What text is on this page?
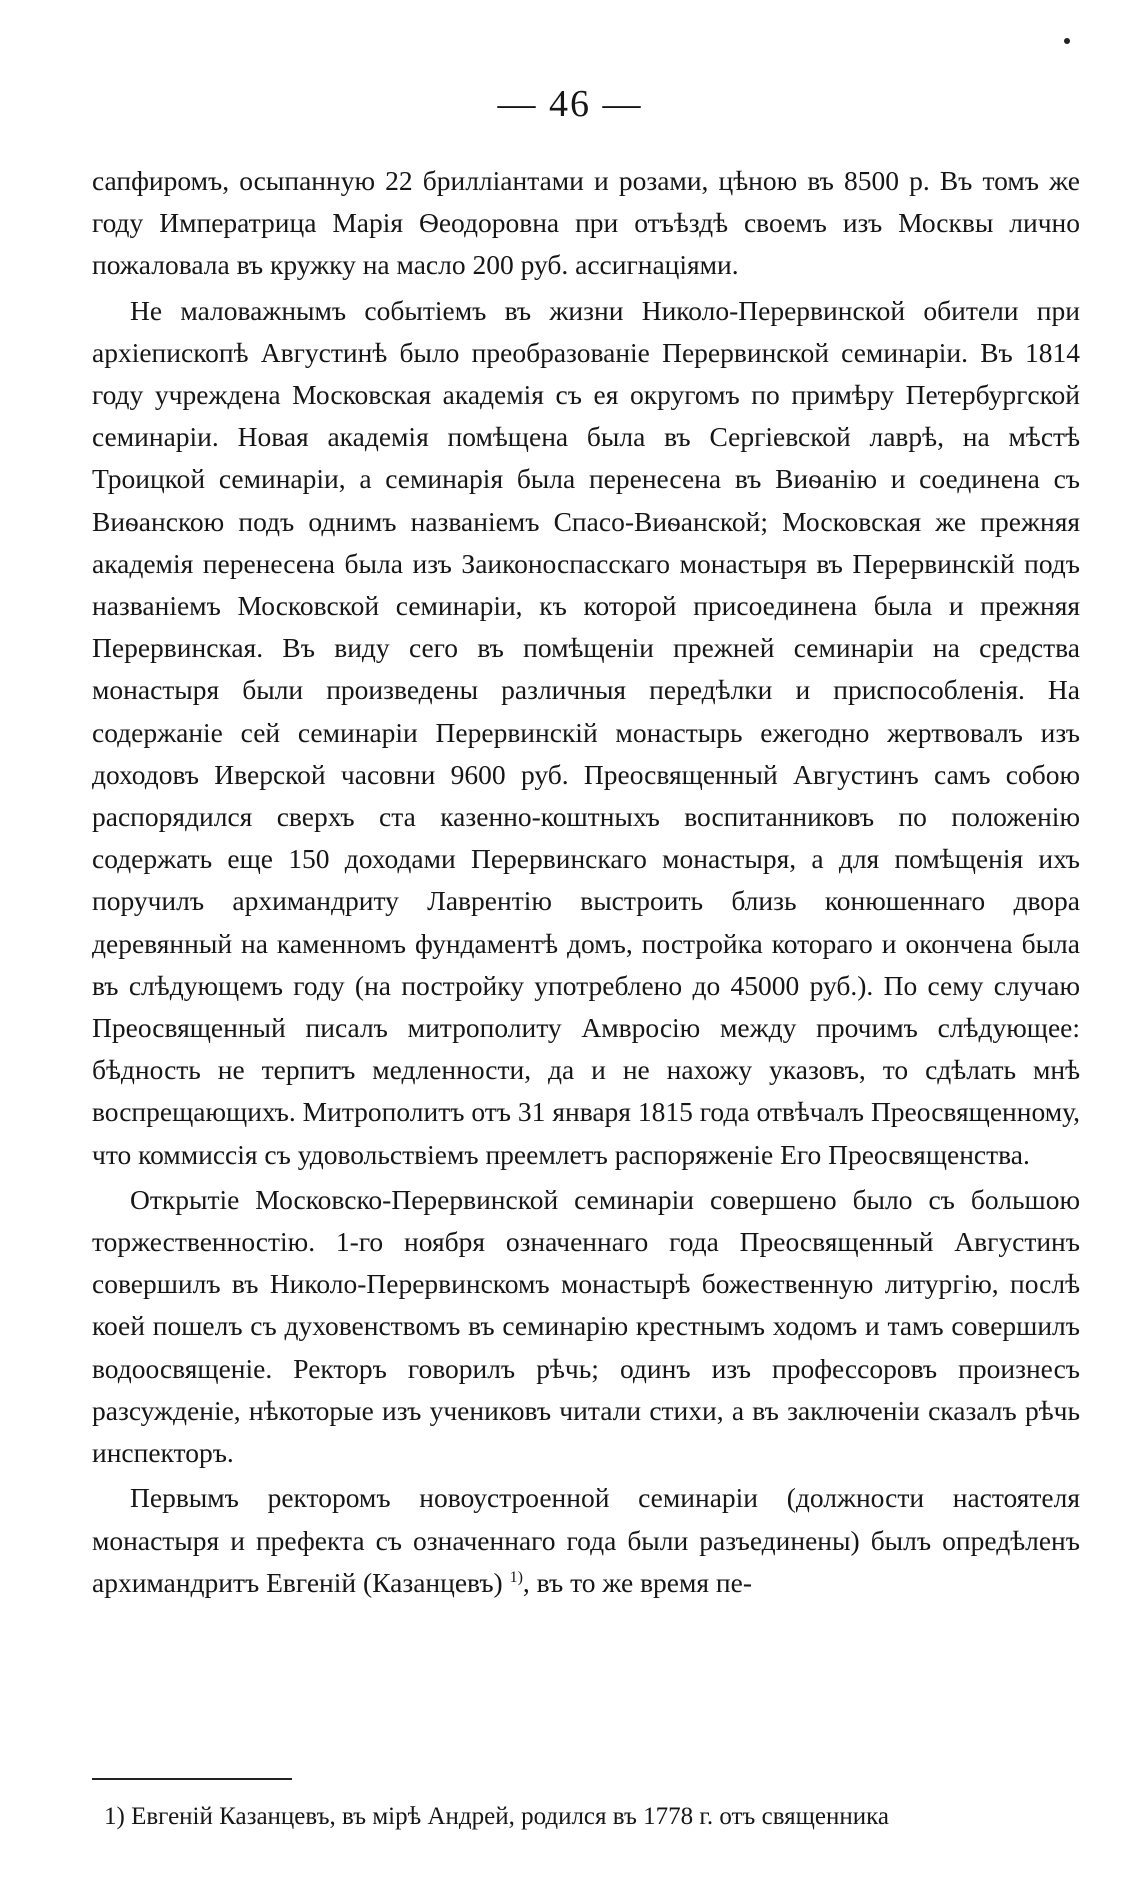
— 46 —

сапфиромъ, осыпанную 22 бриллiантами и розами, цѣною въ 8500 р. Въ томъ же году Императрица Марiя Ѳеодоровна при отъѣздѣ своемъ изъ Москвы лично пожаловала въ кружку на масло 200 руб. ассигнацiями.

Не маловажнымъ событiемъ въ жизни Николо-Перервинской обители при архiепископѣ Августинѣ было преобразованiе Перервинской семинарiи. Въ 1814 году учреждена Московская академiя съ ея округомъ по примѣру Петербургской семинарiи. Новая академiя помѣщена была въ Сергiевской лаврѣ, на мѣстѣ Троицкой семинарiи, а семинарiя была перенесена въ Виѳанiю и соединена съ Виѳанскою подъ однимъ названiемъ Спасо-Виѳанской; Московская же прежняя академiя перенесена была изъ Заиконоспасскаго монастыря въ Перервинскiй подъ названiемъ Московской семинарiи, къ которой присоединена была и прежняя Перервинская. Въ виду сего въ помѣщенiи прежней семинарiи на средства монастыря были произведены различныя передѣлки и приспособленiя. На содержанiе сей семинарiи Перервинскiй монастырь ежегодно жертвовалъ изъ доходовъ Иверской часовни 9600 руб. Преосвященный Августинъ самъ собою распорядился сверхъ ста казенно-коштныхъ воспитанниковъ по положенiю содержать еще 150 доходами Перервинскаго монастыря, а для помѣщенiя ихъ поручилъ архимандриту Лаврентiю выстроить близь конюшеннаго двора деревянный на каменномъ фундаментѣ домъ, постройка котораго и окончена была въ слѣдующемъ году (на постройку употреблено до 45000 руб.). По сему случаю Преосвященный писалъ митрополиту Амвросiю между прочимъ слѣдующее: бѣдность не терпитъ медленности, да и не нахожу указовъ, то сдѣлать мнѣ воспрещающихъ. Митрополитъ отъ 31 января 1815 года отвѣчалъ Преосвященному, что коммиссiя съ удовольствiемъ преемлетъ распоряженiе Его Преосвященства.

Открытiе Московско-Перервинской семинарiи совершено было съ большою торжественностiю. 1-го ноября означеннаго года Преосвященный Августинъ совершилъ въ Николо-Перервинскомъ монастырѣ божественную литургiю, послѣ коей пошелъ съ духовенствомъ въ семинарiю крестнымъ ходомъ и тамъ совершилъ водоосвященiе. Ректоръ говорилъ рѣчь; одинъ изъ профессоровъ произнесъ разсужденiе, нѣкоторые изъ учениковъ читали стихи, а въ заключенiи сказалъ рѣчь инспекторъ.

Первымъ ректоромъ новоустроенной семинарiи (должности настоятеля монастыря и префекта съ означеннаго года были разъединены) былъ опредѣленъ архимандритъ Евгенiй (Казанцевъ) $^{1)}$, въ то же время пе-

1) Евгенiй Казанцевъ, въ мiрѣ Андрей, родился въ 1778 г. отъ священника
